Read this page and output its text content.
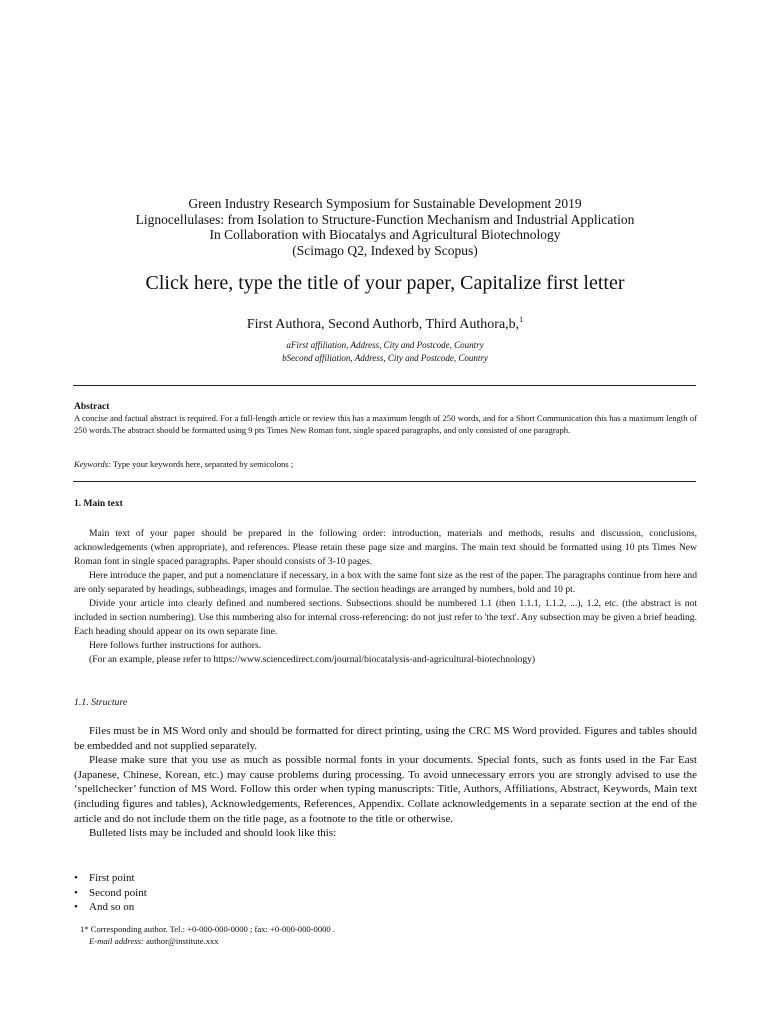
Green Industry Research Symposium for Sustainable Development 2019
Lignocellulases: from Isolation to Structure-Function Mechanism and Industrial Application
In Collaboration with Biocatalys and Agricultural Biotechnology
(Scimago Q2, Indexed by Scopus)
Click here, type the title of your paper, Capitalize first letter
First Authora, Second Authorb, Third Authora,b,$^1$
aFirst affiliation, Address, City and Postcode, Country
bSecond affiliation, Address, City and Postcode, Country
Abstract
A concise and factual abstract is required. For a full-length article or review this has a maximum length of 250 words, and for a Short Communication this has a maximum length of 250 words.The abstract should be formatted using 9 pts Times New Roman font, single spaced paragraphs, and only consisted of one paragraph.
Keywords: Type your keywords here, separated by semicolons ;
1. Main text

Main text of your paper should be prepared in the following order: introduction, materials and methods, results and discussion, conclusions, acknowledgements (when appropriate), and references. Please retain these page size and margins. The main text should be formatted using 10 pts Times New Roman font in single spaced paragraphs. Paper should consists of 3-10 pages.

Here introduce the paper, and put a nomenclature if necessary, in a box with the same font size as the rest of the paper. The paragraphs continue from here and are only separated by headings, subheadings, images and formulae. The section headings are arranged by numbers, bold and 10 pt.

Divide your article into clearly defined and numbered sections. Subsections should be numbered 1.1 (then 1.1.1, 1.1.2, ...), 1.2, etc. (the abstract is not included in section numbering). Use this numbering also for internal cross-referencing: do not just refer to 'the text'. Any subsection may be given a brief heading. Each heading should appear on its own separate line.

Here follows further instructions for authors.

(For an example, please refer to https://www.sciencedirect.com/journal/biocatalysis-and-agricultural-biotechnology)

1.1. Structure

Files must be in MS Word only and should be formatted for direct printing, using the CRC MS Word provided. Figures and tables should be embedded and not supplied separately.

Please make sure that you use as much as possible normal fonts in your documents. Special fonts, such as fonts used in the Far East (Japanese, Chinese, Korean, etc.) may cause problems during processing. To avoid unnecessary errors you are strongly advised to use the ‘spellchecker’ function of MS Word. Follow this order when typing manuscripts: Title, Authors, Affiliations, Abstract, Keywords, Main text (including figures and tables), Acknowledgements, References, Appendix. Collate acknowledgements in a separate section at the end of the article and do not include them on the title page, as a footnote to the title or otherwise.

Bulleted lists may be included and should look like this:

• First point
• Second point
• And so on
1* Corresponding author. Tel.: +0-000-000-0000 ; fax: +0-000-000-0000 .
E-mail address: author@institute.xxx
